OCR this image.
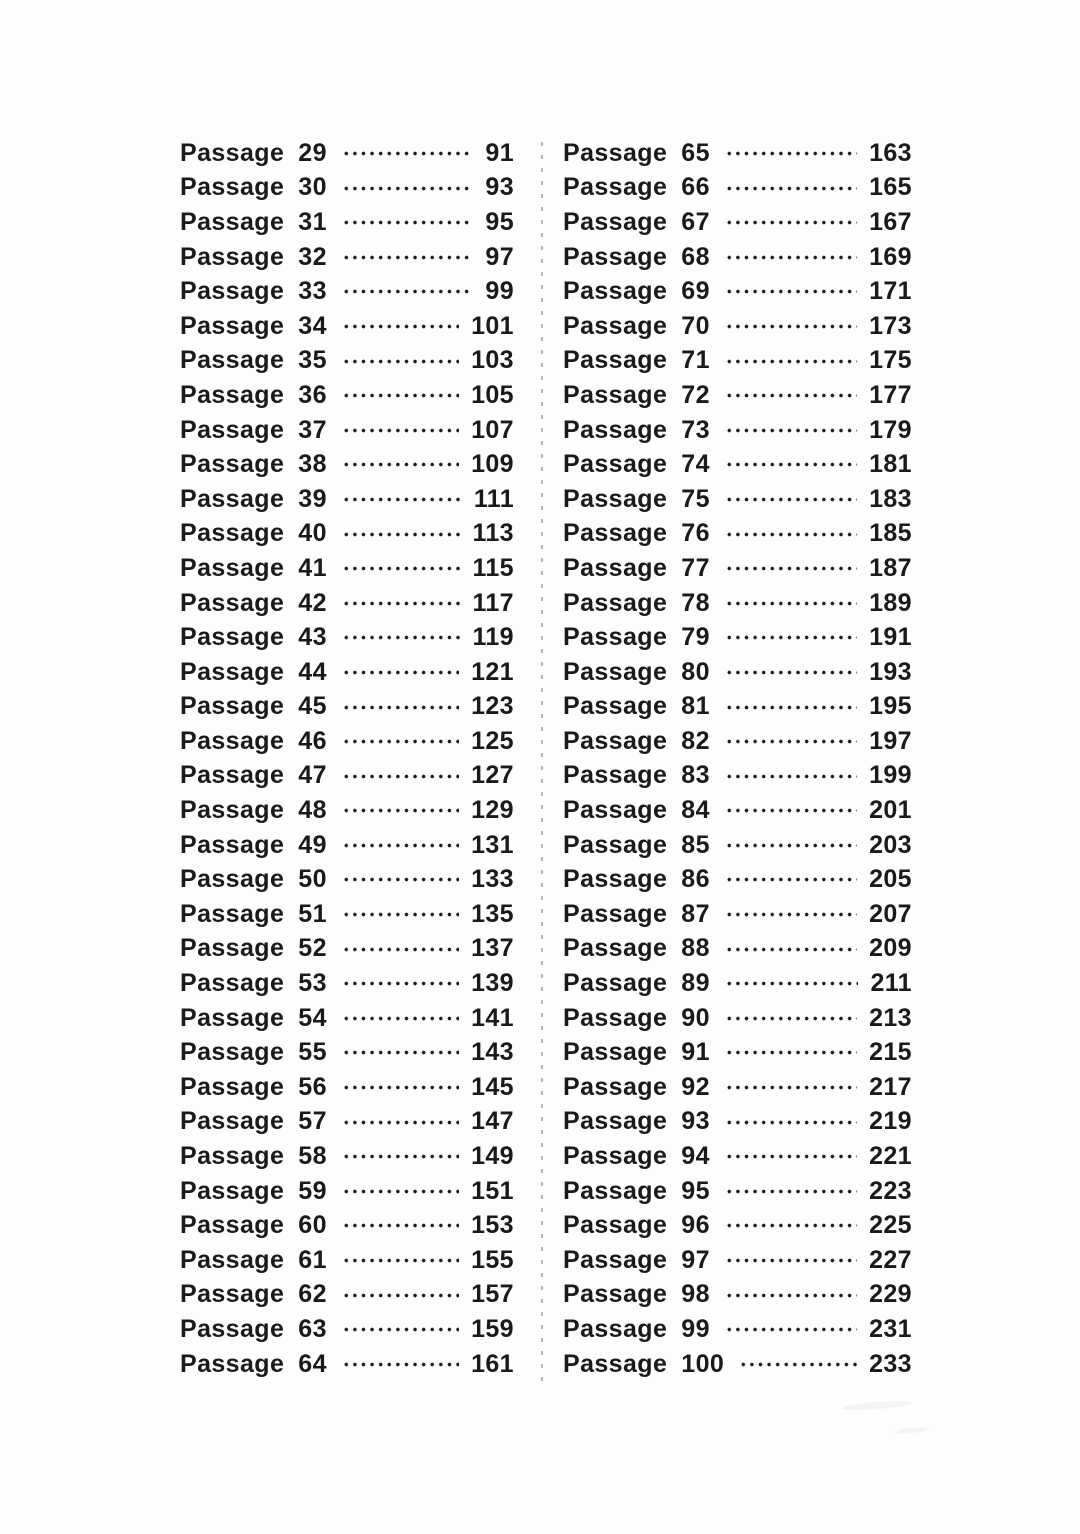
Passage 29	91
Passage 30	93
Passage 31	95
Passage 32	97
Passage 33	99
Passage 34	101
Passage 35	103
Passage 36	105
Passage 37	107
Passage 38	109
Passage 39	111
Passage 40	113
Passage 41	115
Passage 42	117
Passage 43	119
Passage 44	121
Passage 45	123
Passage 46	125
Passage 47	127
Passage 48	129
Passage 49	131
Passage 50	133
Passage 51	135
Passage 52	137
Passage 53	139
Passage 54	141
Passage 55	143
Passage 56	145
Passage 57	147
Passage 58	149
Passage 59	151
Passage 60	153
Passage 61	155
Passage 62	157
Passage 63	159
Passage 64	161
Passage 65	163
Passage 66	165
Passage 67	167
Passage 68	169
Passage 69	171
Passage 70	173
Passage 71	175
Passage 72	177
Passage 73	179
Passage 74	181
Passage 75	183
Passage 76	185
Passage 77	187
Passage 78	189
Passage 79	191
Passage 80	193
Passage 81	195
Passage 82	197
Passage 83	199
Passage 84	201
Passage 85	203
Passage 86	205
Passage 87	207
Passage 88	209
Passage 89	211
Passage 90	213
Passage 91	215
Passage 92	217
Passage 93	219
Passage 94	221
Passage 95	223
Passage 96	225
Passage 97	227
Passage 98	229
Passage 99	231
Passage 100	233
